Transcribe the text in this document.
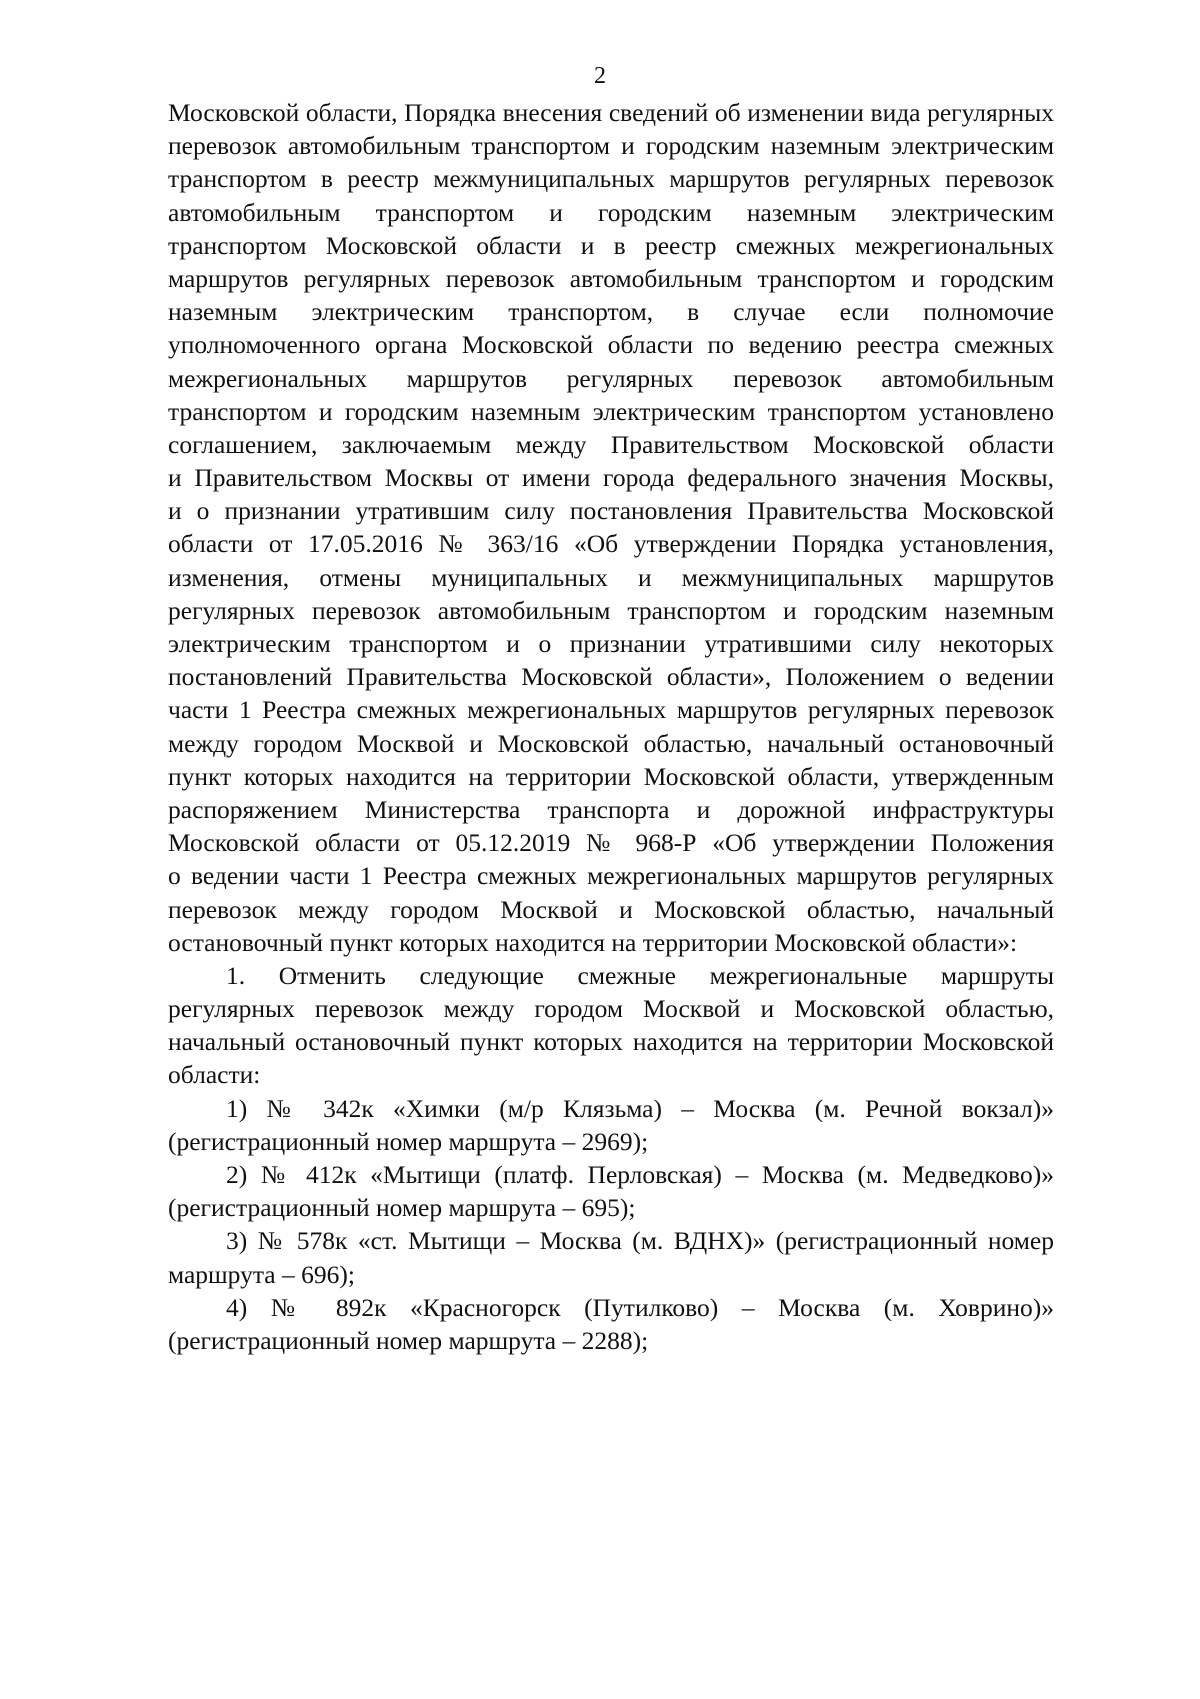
2
Московской области, Порядка внесения сведений об изменении вида регулярных
перевозок автомобильным транспортом и городским наземным электрическим
транспортом в реестр межмуниципальных маршрутов регулярных перевозок
автомобильным транспортом и городским наземным электрическим
транспортом Московской области и в реестр смежных межрегиональных
маршрутов регулярных перевозок автомобильным транспортом и городским
наземным электрическим транспортом, в случае если полномочие
уполномоченного органа Московской области по ведению реестра смежных
межрегиональных маршрутов регулярных перевозок автомобильным
транспортом и городским наземным электрическим транспортом установлено
соглашением, заключаемым между Правительством Московской области
и Правительством Москвы от имени города федерального значения Москвы,
и о признании утратившим силу постановления Правительства Московской
области от 17.05.2016 № 363/16 «Об утверждении Порядка установления,
изменения, отмены муниципальных и межмуниципальных маршрутов
регулярных перевозок автомобильным транспортом и городским наземным
электрическим транспортом и о признании утратившими силу некоторых
постановлений Правительства Московской области», Положением о ведении
части 1 Реестра смежных межрегиональных маршрутов регулярных перевозок
между городом Москвой и Московской областью, начальный остановочный
пункт которых находится на территории Московской области, утвержденным
распоряжением Министерства транспорта и дорожной инфраструктуры
Московской области от 05.12.2019 № 968-Р «Об утверждении Положения
о ведении части 1 Реестра смежных межрегиональных маршрутов регулярных
перевозок между городом Москвой и Московской областью, начальный
остановочный пункт которых находится на территории Московской области»:
1. Отменить следующие смежные межрегиональные маршруты
регулярных перевозок между городом Москвой и Московской областью,
начальный остановочный пункт которых находится на территории Московской
области:
1) № 342к «Химки (м/р Клязьма) – Москва (м. Речной вокзал)»
(регистрационный номер маршрута – 2969);
2) № 412к «Мытищи (платф. Перловская) – Москва (м. Медведково)»
(регистрационный номер маршрута – 695);
3) № 578к «ст. Мытищи – Москва (м. ВДНХ)» (регистрационный номер
маршрута – 696);
4) № 892к «Красногорск (Путилково) – Москва (м. Ховрино)»
(регистрационный номер маршрута – 2288);
